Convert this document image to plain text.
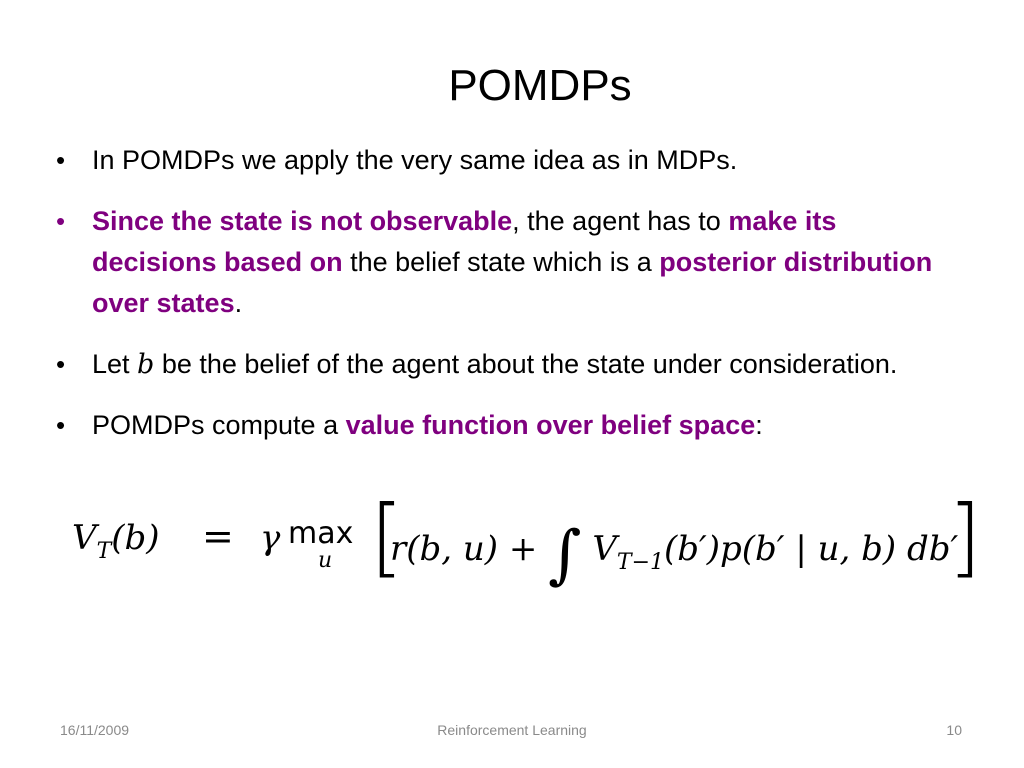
POMDPs
• In POMDPs we apply the very same idea as in MDPs.
• Since the state is not observable, the agent has to make its decisions based on the belief state which is a posterior distribution over states.
• Let b be the belief of the agent about the state under consideration.
• POMDPs compute a value function over belief space:
$V_T(b) = \gamma$ max
u [
r(b, u) + ∫ $V_{T-1}(b')p(b'$ | u, b) db′
]
16/11/2009	Reinforcement Learning	10
